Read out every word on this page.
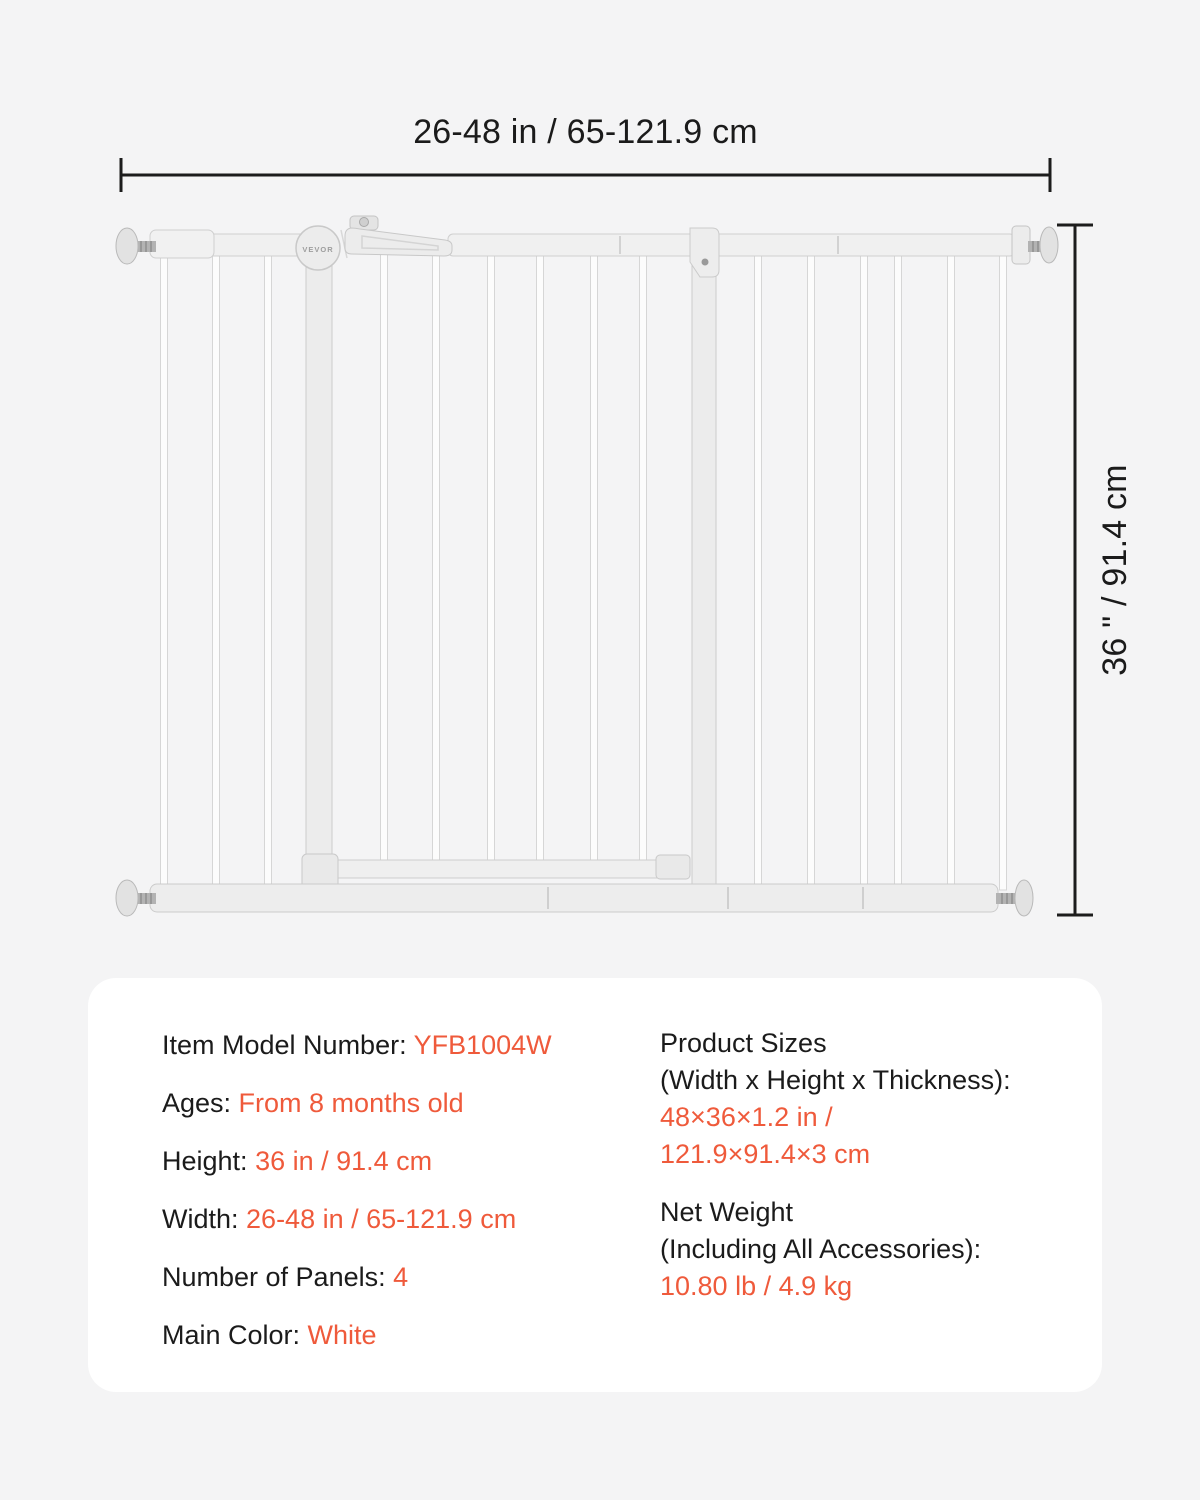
VEVOR
26-48 in / 65-121.9 cm
36 " / 91.4 cm
Item Model Number: YFB1004W
Ages: From 8 months old
Height: 36 in / 91.4 cm
Width: 26-48 in / 65-121.9 cm
Number of Panels: 4
Main Color: White
Product Sizes
(Width x Height x Thickness):
48×36×1.2 in /
121.9×91.4×3 cm
Net Weight
(Including All Accessories):
10.80 lb / 4.9 kg
